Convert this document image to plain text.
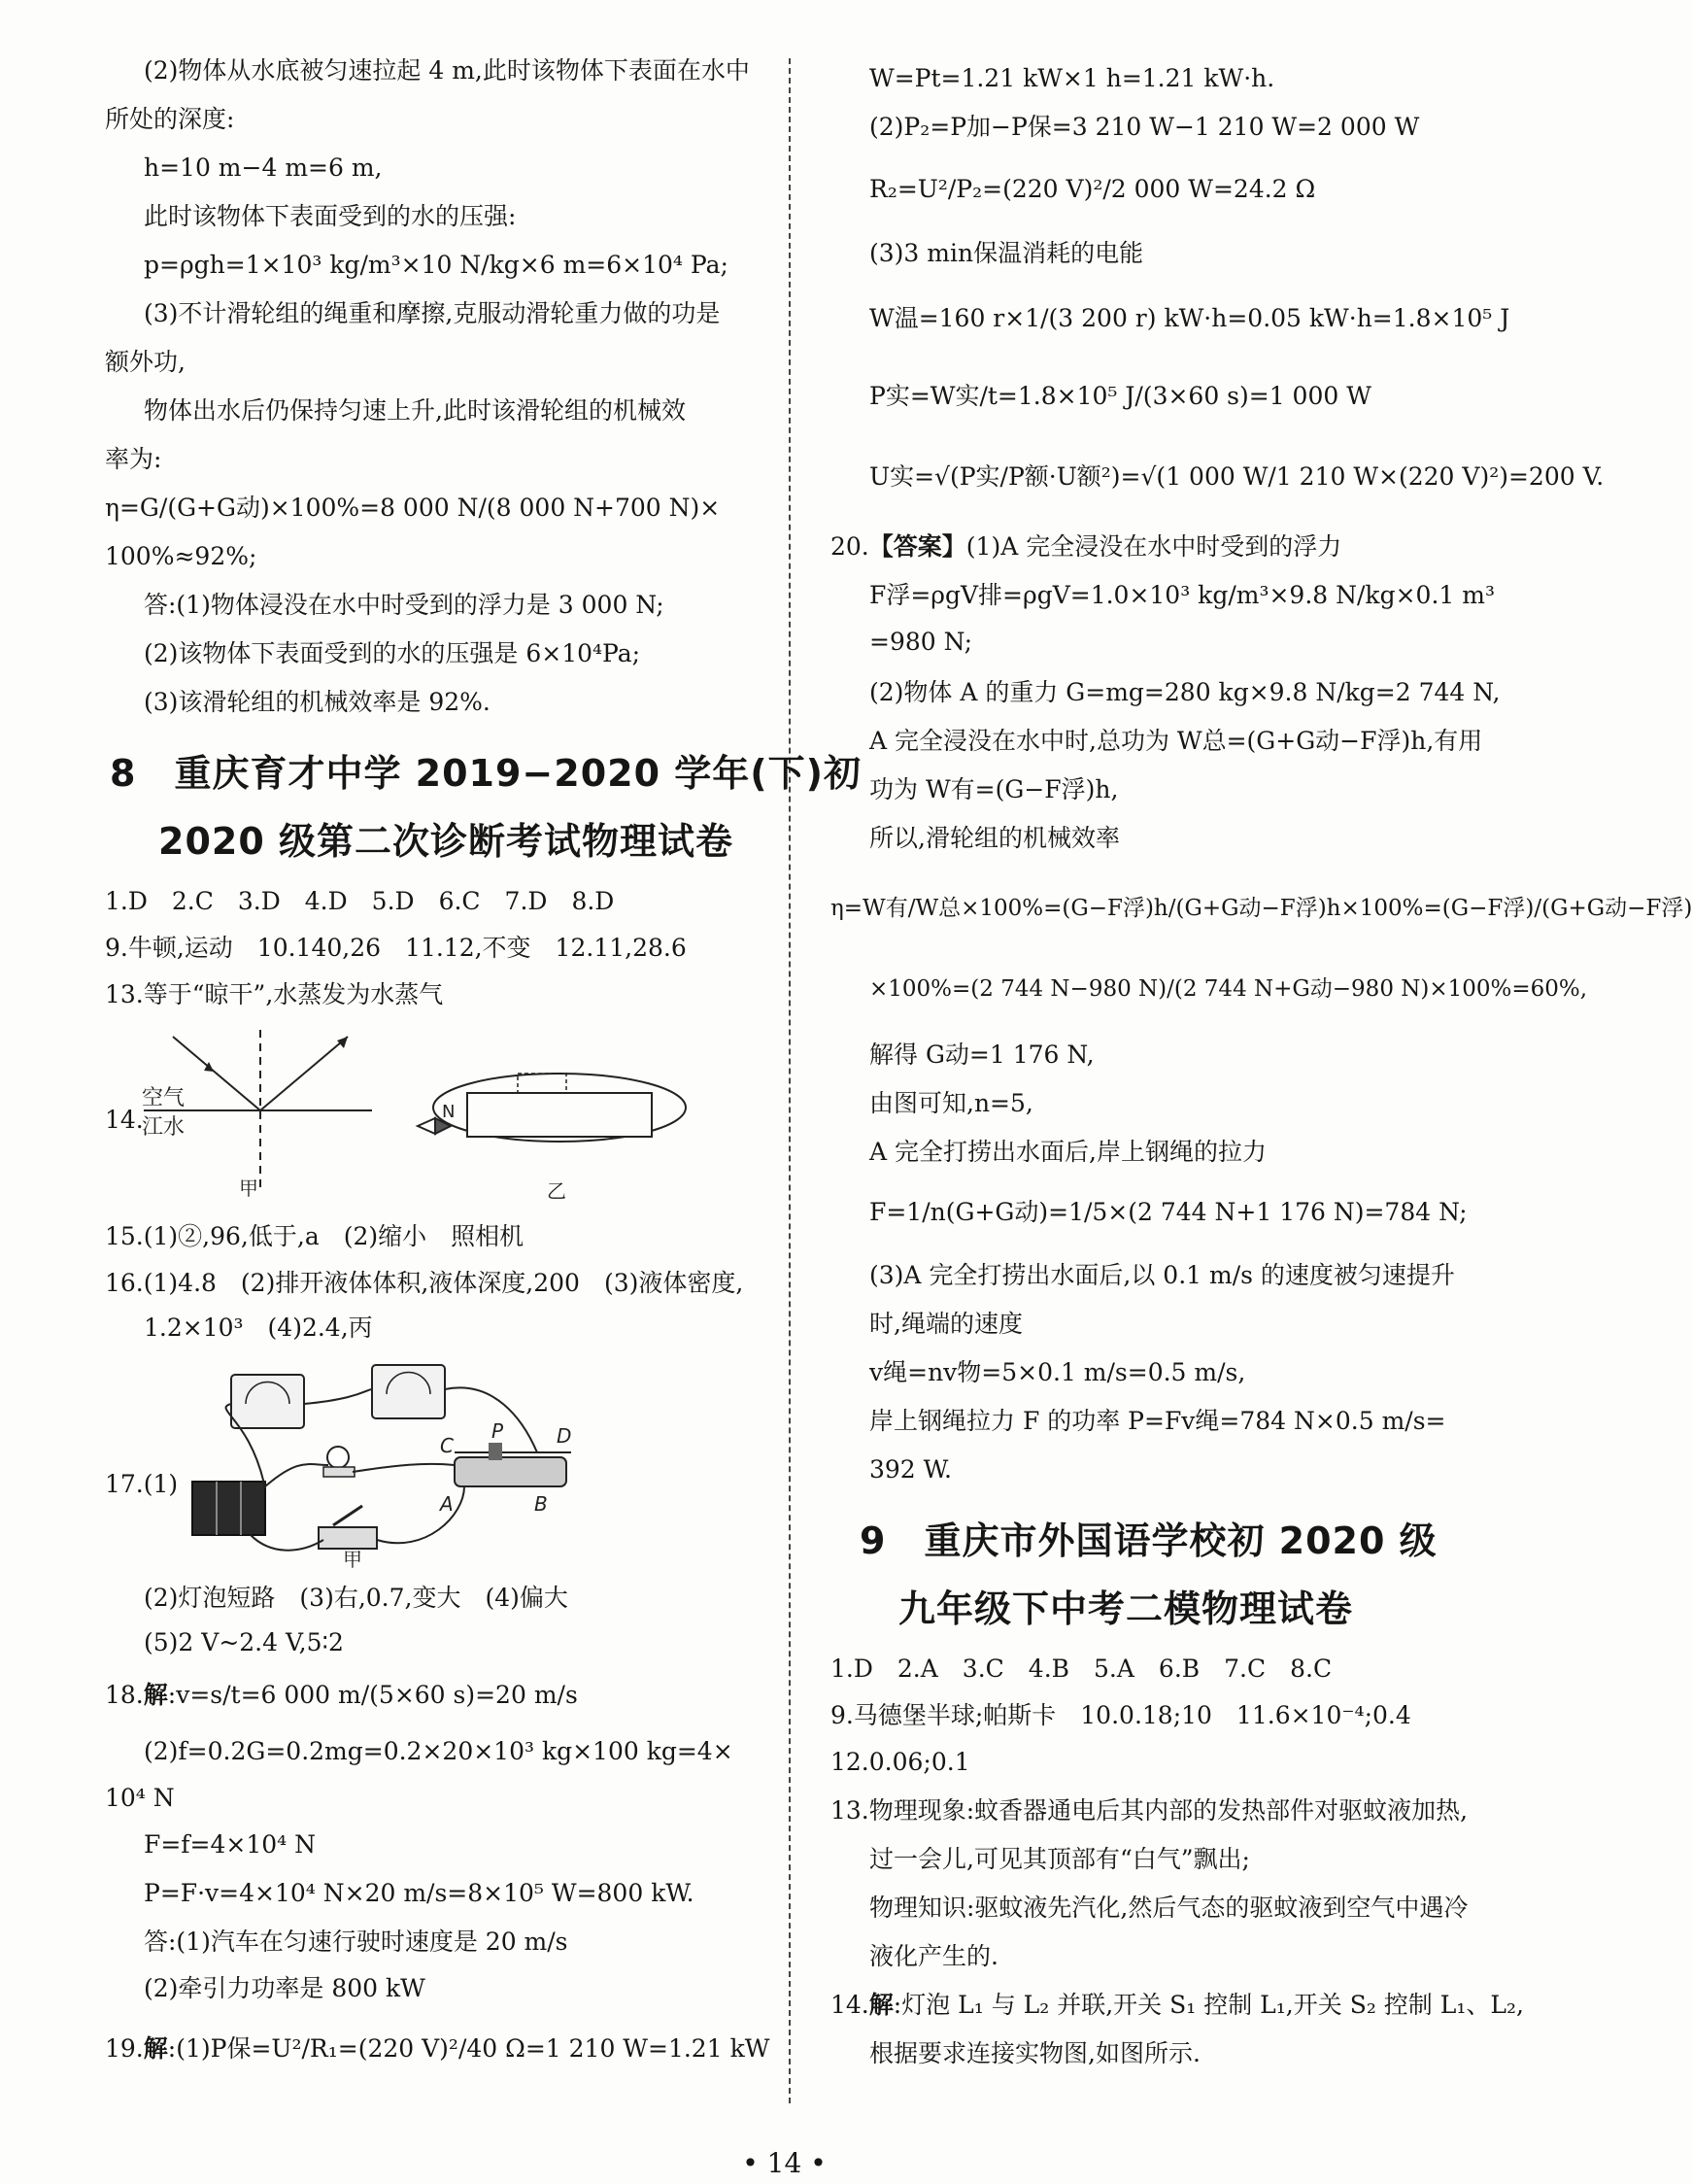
(2)物体从水底被匀速拉起 4 m,此时该物体下表面在水中
所处的深度:
h=10 m−4 m=6 m,
此时该物体下表面受到的水的压强:
p=ρgh=1×10³ kg/m³×10 N/kg×6 m=6×10⁴ Pa;
(3)不计滑轮组的绳重和摩擦,克服动滑轮重力做的功是
额外功,
物体出水后仍保持匀速上升,此时该滑轮组的机械效
率为:
η=G/(G+G动)×100%=8 000 N/(8 000 N+700 N)×
100%≈92%;
答:(1)物体浸没在水中时受到的浮力是 3 000 N;
(2)该物体下表面受到的水的压强是 6×10⁴Pa;
(3)该滑轮组的机械效率是 92%.
8　重庆育才中学 2019−2020 学年(下)初
2020 级第二次诊断考试物理试卷
1.D　2.C　3.D　4.D　5.D　6.C　7.D　8.D
9.牛顿,运动　10.140,26　11.12,不变　12.11,28.6
13.等于“晾干”,水蒸发为水蒸气
14.
空气
江水
甲
N
乙
15.(1)②,96,低于,a　(2)缩小　照相机
16.(1)4.8　(2)排开液体体积,液体深度,200　(3)液体密度,
1.2×10³　(4)2.4,丙
17.(1)
C
P	D
A	B
甲
(2)灯泡短路　(3)右,0.7,变大　(4)偏大
(5)2 V~2.4 V,5∶2
18.解:v=s/t=6 000 m/(5×60 s)=20 m/s
(2)f=0.2G=0.2mg=0.2×20×10³ kg×100 kg=4×
10⁴ N
F=f=4×10⁴ N
P=F·v=4×10⁴ N×20 m/s=8×10⁵ W=800 kW.
答:(1)汽车在匀速行驶时速度是 20 m/s
(2)牵引力功率是 800 kW
19.解:(1)P保=U²/R₁=(220 V)²/40 Ω=1 210 W=1.21 kW
W=Pt=1.21 kW×1 h=1.21 kW·h.
(2)P₂=P加−P保=3 210 W−1 210 W=2 000 W
R₂=U²/P₂=(220 V)²/2 000 W=24.2 Ω
(3)3 min保温消耗的电能
W温=160 r×1/(3 200 r) kW·h=0.05 kW·h=1.8×10⁵ J
P实=W实/t=1.8×10⁵ J/(3×60 s)=1 000 W
U实=√(P实/P额·U额²)=√(1 000 W/1 210 W×(220 V)²)=200 V.
20.【答案】(1)A 完全浸没在水中时受到的浮力
F浮=ρgV排=ρgV=1.0×10³ kg/m³×9.8 N/kg×0.1 m³
=980 N;
(2)物体 A 的重力 G=mg=280 kg×9.8 N/kg=2 744 N,
A 完全浸没在水中时,总功为 W总=(G+G动−F浮)h,有用
功为 W有=(G−F浮)h,
所以,滑轮组的机械效率
η=W有/W总×100%=(G−F浮)h/(G+G动−F浮)h×100%=(G−F浮)/(G+G动−F浮)
×100%=(2 744 N−980 N)/(2 744 N+G动−980 N)×100%=60%,
解得 G动=1 176 N,
由图可知,n=5,
A 完全打捞出水面后,岸上钢绳的拉力
F=1/n(G+G动)=1/5×(2 744 N+1 176 N)=784 N;
(3)A 完全打捞出水面后,以 0.1 m/s 的速度被匀速提升
时,绳端的速度
v绳=nv物=5×0.1 m/s=0.5 m/s,
岸上钢绳拉力 F 的功率 P=Fv绳=784 N×0.5 m/s=
392 W.
9　重庆市外国语学校初 2020 级
九年级下中考二模物理试卷
1.D　2.A　3.C　4.B　5.A　6.B　7.C　8.C
9.马德堡半球;帕斯卡　10.0.18;10　11.6×10⁻⁴;0.4
12.0.06;0.1
13.物理现象:蚊香器通电后其内部的发热部件对驱蚊液加热,
过一会儿,可见其顶部有“白气”飘出;
物理知识:驱蚊液先汽化,然后气态的驱蚊液到空气中遇冷
液化产生的.
14.解:灯泡 L₁ 与 L₂ 并联,开关 S₁ 控制 L₁,开关 S₂ 控制 L₁、L₂,
根据要求连接实物图,如图所示.
• 14 •
